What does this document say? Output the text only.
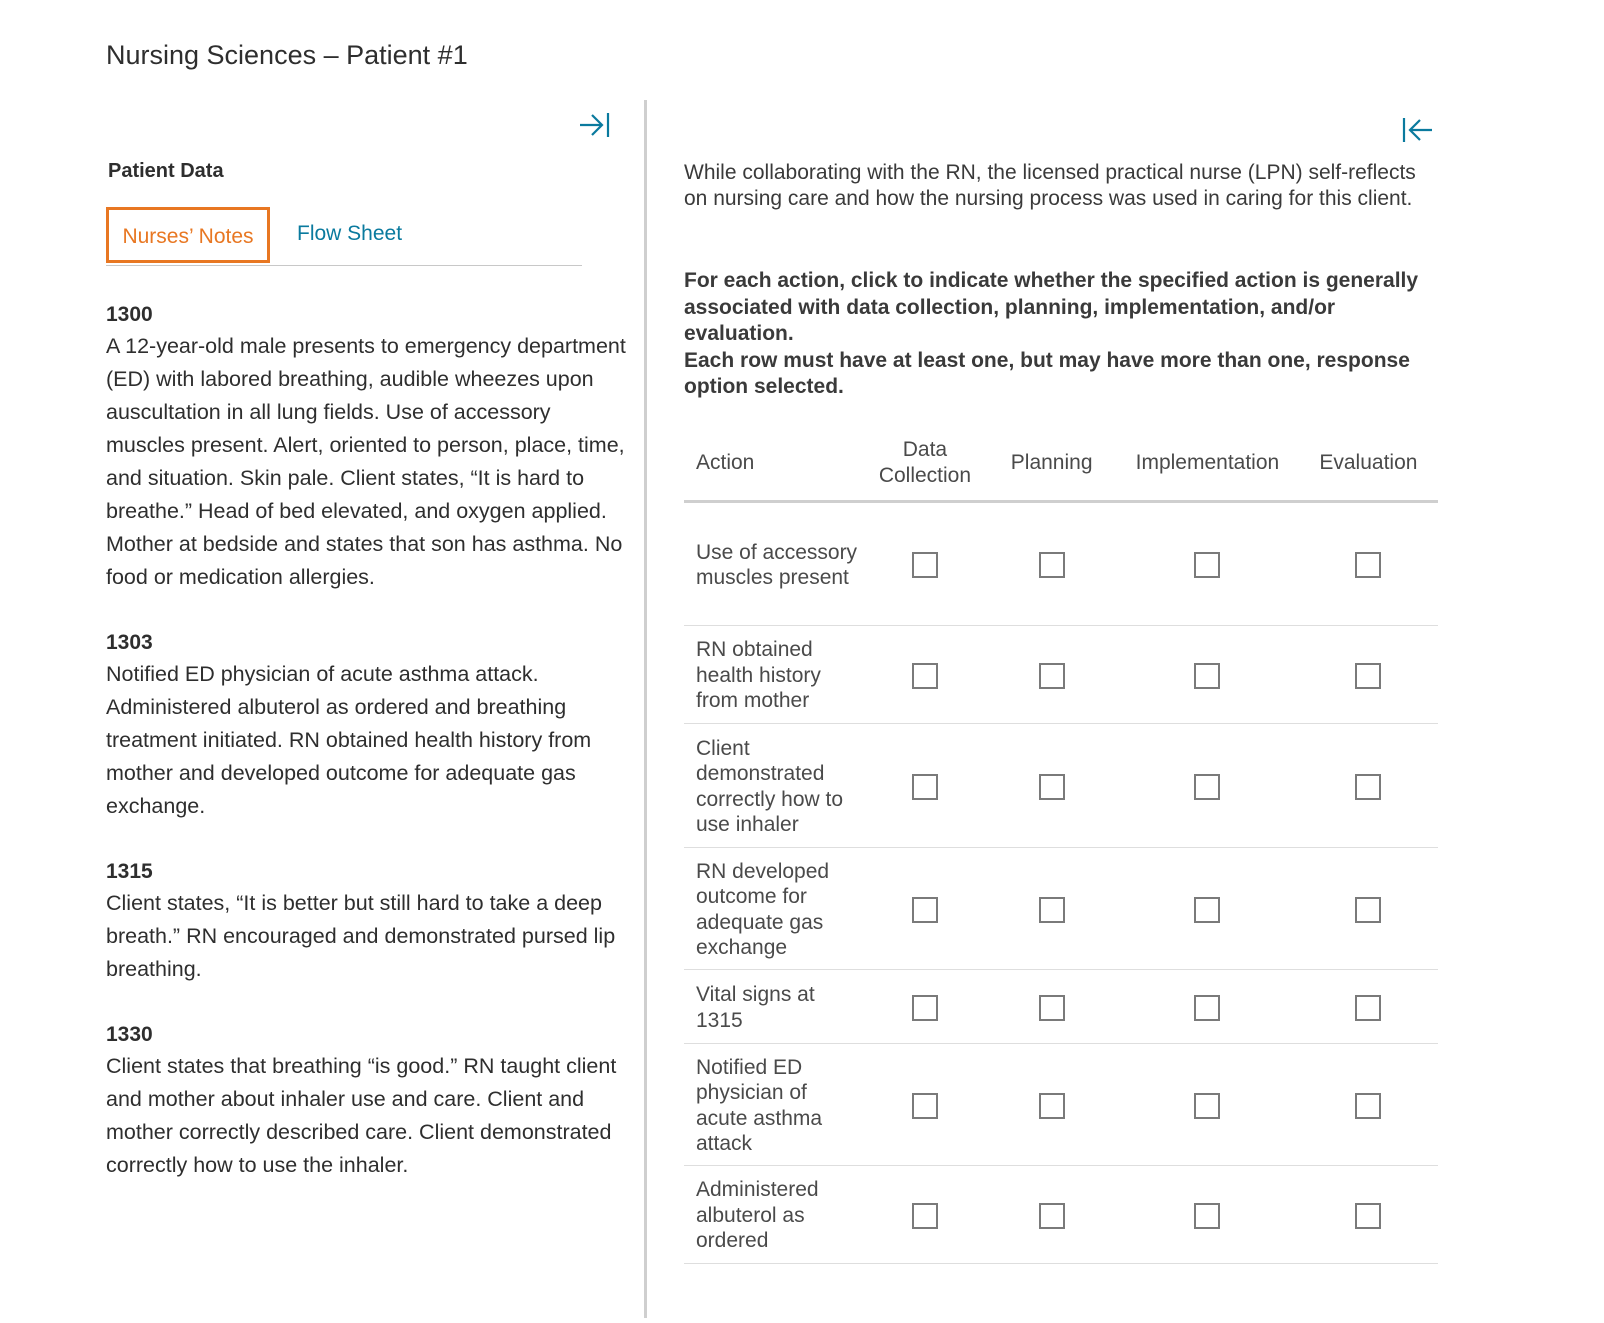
Nursing Sciences – Patient #1
Patient Data
Nurses’ Notes	Flow Sheet
1300
A 12-year-old male presents to emergency department (ED) with labored breathing, audible wheezes upon auscultation in all lung fields. Use of accessory muscles present. Alert, oriented to person, place, time, and situation. Skin pale. Client states, “It is hard to breathe.” Head of bed elevated, and oxygen applied. Mother at bedside and states that son has asthma. No food or medication allergies.
1303
Notified ED physician of acute asthma attack. Administered albuterol as ordered and breathing treatment initiated. RN obtained health history from mother and developed outcome for adequate gas exchange.
1315
Client states, “It is better but still hard to take a deep breath.” RN encouraged and demonstrated pursed lip breathing.
1330
Client states that breathing “is good.” RN taught client and mother about inhaler use and care. Client and mother correctly described care. Client demonstrated correctly how to use the inhaler.
While collaborating with the RN, the licensed practical nurse (LPN) self-reflects on nursing care and how the nursing process was used in caring for this client.

For each action, click to indicate whether the specified action is generally associated with data collection, planning, implementation, and/or evaluation.

Each row must have at least one, but may have more than one, response option selected.

Action	Data Collection	Planning	Implementation	Evaluation
Use of accessory muscles present				
RN obtained health history from mother				
Client demonstrated correctly how to use inhaler				
RN developed outcome for adequate gas exchange				
Vital signs at 1315				
Notified ED physician of acute asthma attack				
Administered albuterol as ordered				
